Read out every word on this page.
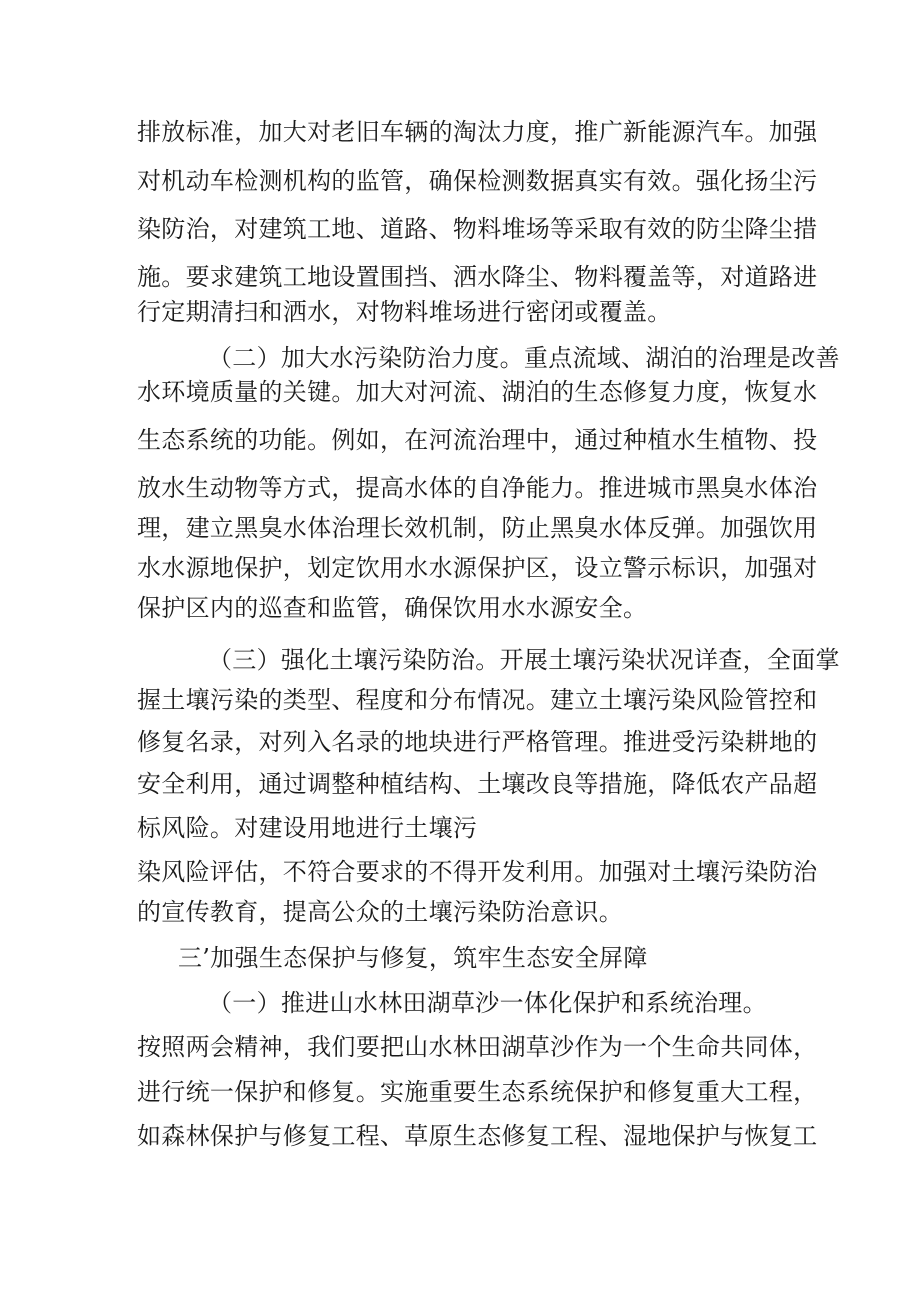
排放标准，加大对老旧车辆的淘汰力度，推广新能源汽车。加强
对机动车检测机构的监管，确保检测数据真实有效。强化扬尘污
染防治，对建筑工地、道路、物料堆场等采取有效的防尘降尘措
施。要求建筑工地设置围挡、洒水降尘、物料覆盖等，对道路进
行定期清扫和洒水，对物料堆场进行密闭或覆盖。
（二）加大水污染防治力度。重点流域、湖泊的治理是改善
水环境质量的关键。加大对河流、湖泊的生态修复力度，恢复水
生态系统的功能。例如，在河流治理中，通过种植水生植物、投
放水生动物等方式，提高水体的自净能力。推进城市黑臭水体治
理，建立黑臭水体治理长效机制，防止黑臭水体反弹。加强饮用
水水源地保护，划定饮用水水源保护区，设立警示标识，加强对
保护区内的巡查和监管，确保饮用水水源安全。
（三）强化土壤污染防治。开展土壤污染状况详查，全面掌
握土壤污染的类型、程度和分布情况。建立土壤污染风险管控和
修复名录，对列入名录的地块进行严格管理。推进受污染耕地的
安全利用，通过调整种植结构、土壤改良等措施，降低农产品超
标风险。对建设用地进行土壤污
染风险评估，不符合要求的不得开发利用。加强对土壤污染防治
的宣传教育，提高公众的土壤污染防治意识。
三’加强生态保护与修复，筑牢生态安全屏障
（一）推进山水林田湖草沙一体化保护和系统治理。
按照两会精神，我们要把山水林田湖草沙作为一个生命共同体，
进行统一保护和修复。实施重要生态系统保护和修复重大工程，
如森林保护与修复工程、草原生态修复工程、湿地保护与恢复工
